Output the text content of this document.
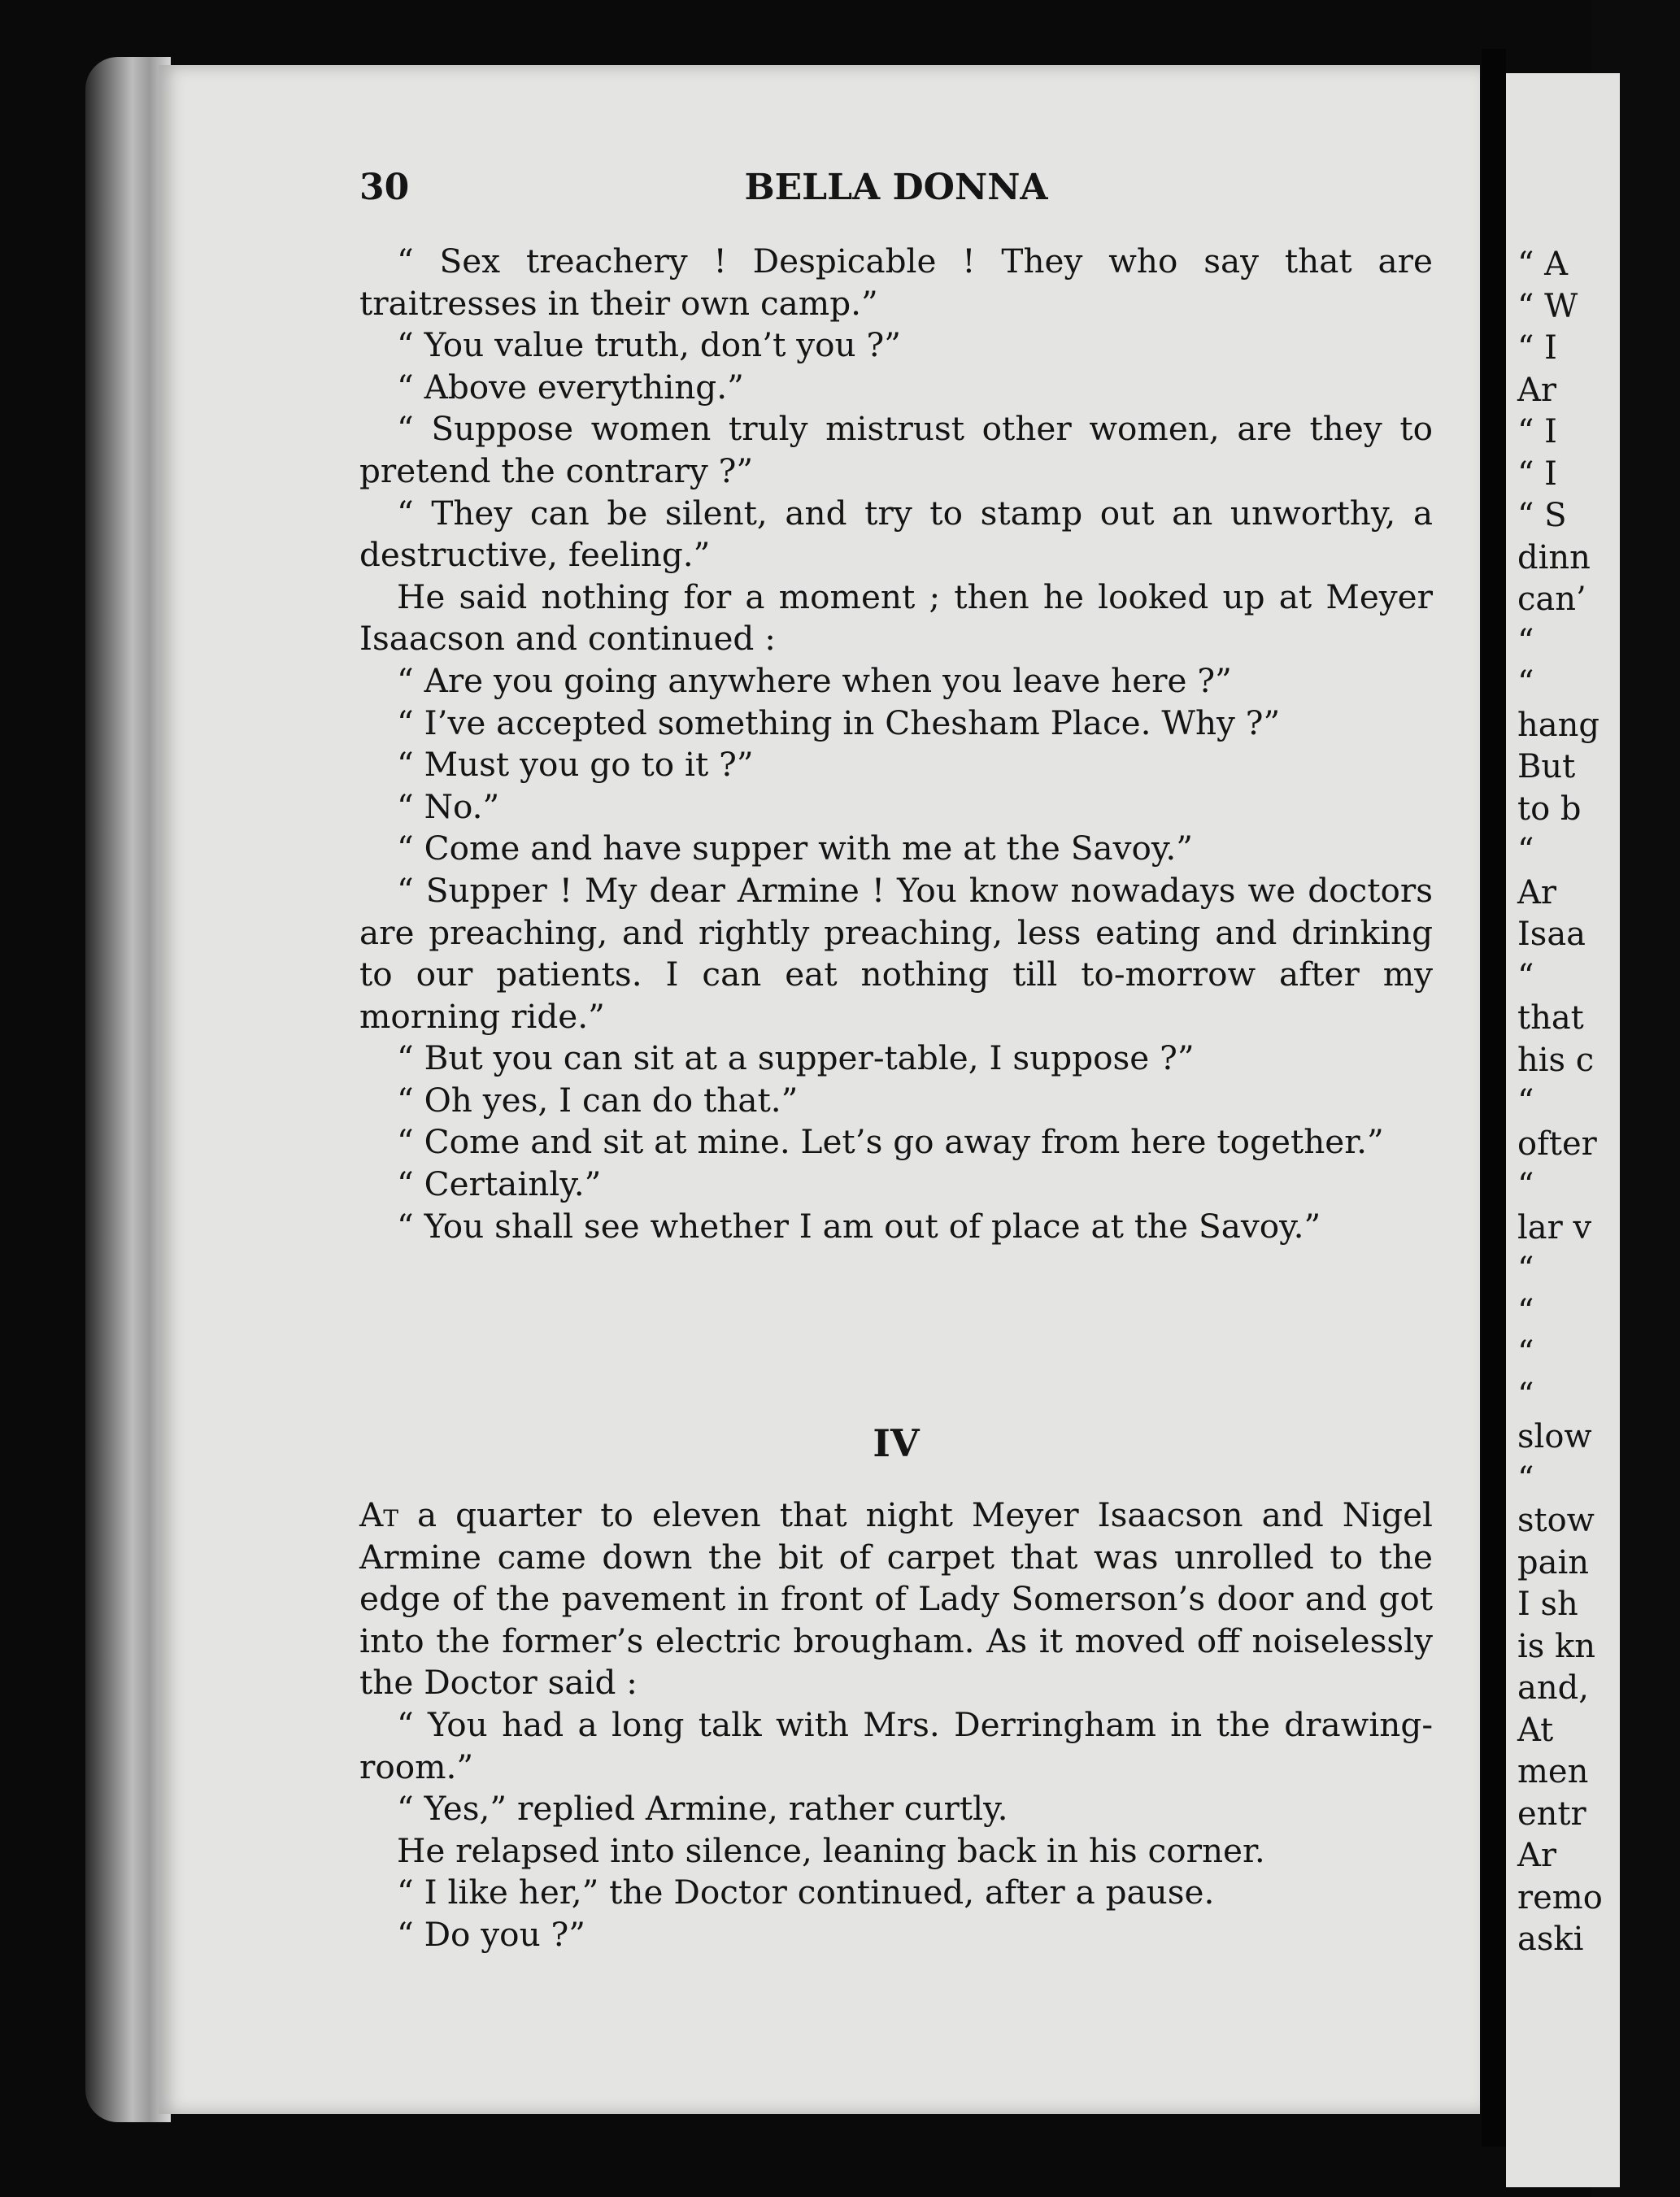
“ A
“ W
“ I
Ar
“ I
“ I
“ S
dinn
can’
“
“
hang
But
to b
“
Ar
Isaa
“
that
his c
“
ofter
“
lar v
“
“
“
“
slow
“
stow
pain
I sh
is kn
and,
At
men
entr
Ar
remo
aski
30	BELLA DONNA

“ Sex treachery ! Despicable ! They who say that are traitresses in their own camp.”

“ You value truth, don’t you ?”

“ Above everything.”

“ Suppose women truly mistrust other women, are they to pretend the contrary ?”

“ They can be silent, and try to stamp out an unworthy, a destructive, feeling.”

He said nothing for a moment ; then he looked up at Meyer Isaacson and continued :

“ Are you going anywhere when you leave here ?”

“ I’ve accepted something in Chesham Place. Why ?”

“ Must you go to it ?”

“ No.”

“ Come and have supper with me at the Savoy.”

“ Supper ! My dear Armine ! You know nowadays we doctors are preaching, and rightly preaching, less eating and drinking to our patients. I can eat nothing till to-morrow after my morning ride.”

“ But you can sit at a supper-table, I suppose ?”

“ Oh yes, I can do that.”

“ Come and sit at mine. Let’s go away from here together.”

“ Certainly.”

“ You shall see whether I am out of place at the Savoy.”

IV

At a quarter to eleven that night Meyer Isaacson and Nigel Armine came down the bit of carpet that was unrolled to the edge of the pavement in front of Lady Somerson’s door and got into the former’s electric brougham. As it moved off noiselessly the Doctor said :

“ You had a long talk with Mrs. Derringham in the drawing-room.”

“ Yes,” replied Armine, rather curtly.

He relapsed into silence, leaning back in his corner.

“ I like her,” the Doctor continued, after a pause.

“ Do you ?”
